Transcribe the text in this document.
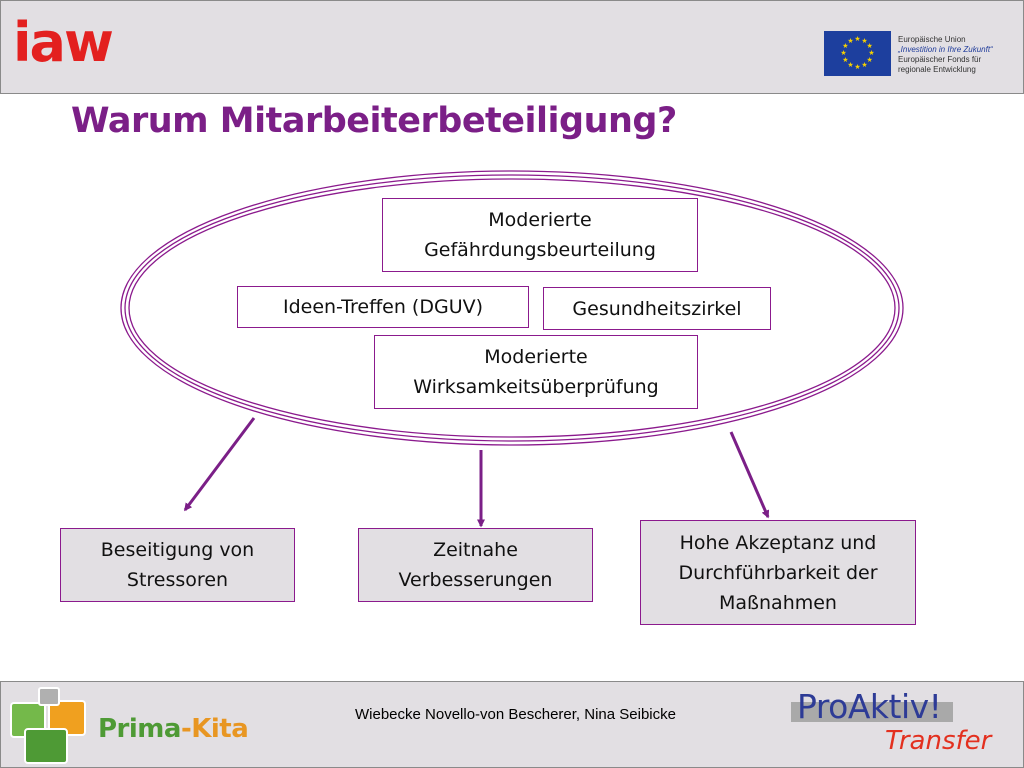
iaw	★ ★
★
★
★
★
★
★
★
★
★
★	Europäische Union
„Investition in Ihre Zukunft“
Europäischer Fonds für
regionale Entwicklung
Warum Mitarbeiterbeteiligung?
Moderierte
Gefährdungsbeurteilung
Ideen-Treffen (DGUV)	Gesundheitszirkel
Moderierte
Wirksamkeitsüberprüfung
Beseitigung von
Stressoren
Zeitnahe
Verbesserungen
Hohe Akzeptanz und
Durchführbarkeit der
Maßnahmen
Prima-Kita	Wiebecke Novello-von Bescherer, Nina Seibicke	ProAktiv!
Transfer
